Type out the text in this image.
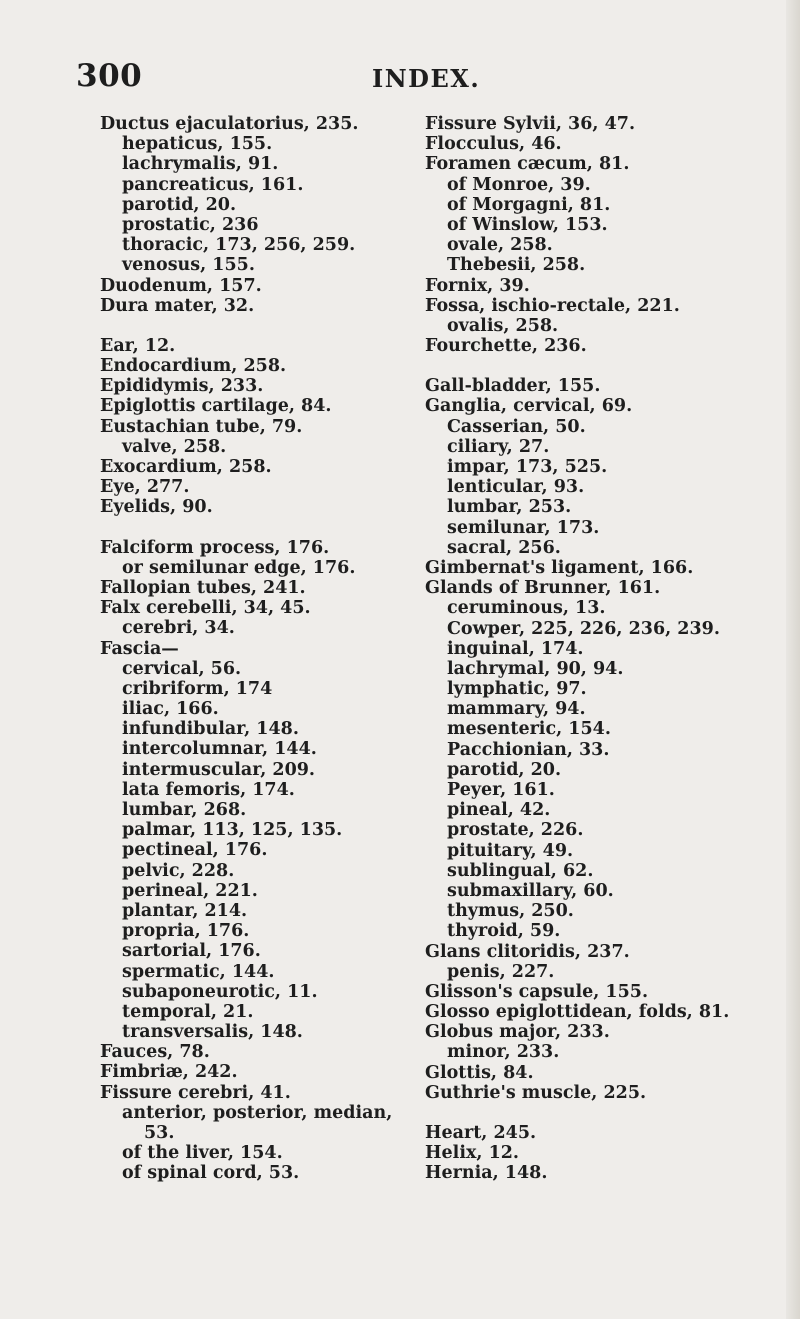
300	INDEX.
Ductus ejaculatorius, 235.
hepaticus, 155.
lachrymalis, 91.
pancreaticus, 161.
parotid, 20.
prostatic, 236
thoracic, 173, 256, 259.
venosus, 155.
Duodenum, 157.
Dura mater, 32.
Ear, 12.
Endocardium, 258.
Epididymis, 233.
Epiglottis cartilage, 84.
Eustachian tube, 79.
valve, 258.
Exocardium, 258.
Eye, 277.
Eyelids, 90.
Falciform process, 176.
or semilunar edge, 176.
Fallopian tubes, 241.
Falx cerebelli, 34, 45.
cerebri, 34.
Fascia—
cervical, 56.
cribriform, 174
iliac, 166.
infundibular, 148.
intercolumnar, 144.
intermuscular, 209.
lata femoris, 174.
lumbar, 268.
palmar, 113, 125, 135.
pectineal, 176.
pelvic, 228.
perineal, 221.
plantar, 214.
propria, 176.
sartorial, 176.
spermatic, 144.
subaponeurotic, 11.
temporal, 21.
transversalis, 148.
Fauces, 78.
Fimbriæ, 242.
Fissure cerebri, 41.
anterior, posterior, median,
53.
of the liver, 154.
of spinal cord, 53.
Fissure Sylvii, 36, 47.
Flocculus, 46.
Foramen cæcum, 81.
of Monroe, 39.
of Morgagni, 81.
of Winslow, 153.
ovale, 258.
Thebesii, 258.
Fornix, 39.
Fossa, ischio-rectale, 221.
ovalis, 258.
Fourchette, 236.
Gall-bladder, 155.
Ganglia, cervical, 69.
Casserian, 50.
ciliary, 27.
impar, 173, 525.
lenticular, 93.
lumbar, 253.
semilunar, 173.
sacral, 256.
Gimbernat's ligament, 166.
Glands of Brunner, 161.
ceruminous, 13.
Cowper, 225, 226, 236, 239.
inguinal, 174.
lachrymal, 90, 94.
lymphatic, 97.
mammary, 94.
mesenteric, 154.
Pacchionian, 33.
parotid, 20.
Peyer, 161.
pineal, 42.
prostate, 226.
pituitary, 49.
sublingual, 62.
submaxillary, 60.
thymus, 250.
thyroid, 59.
Glans clitoridis, 237.
penis, 227.
Glisson's capsule, 155.
Glosso epiglottidean, folds, 81.
Globus major, 233.
minor, 233.
Glottis, 84.
Guthrie's muscle, 225.
Heart, 245.
Helix, 12.
Hernia, 148.
